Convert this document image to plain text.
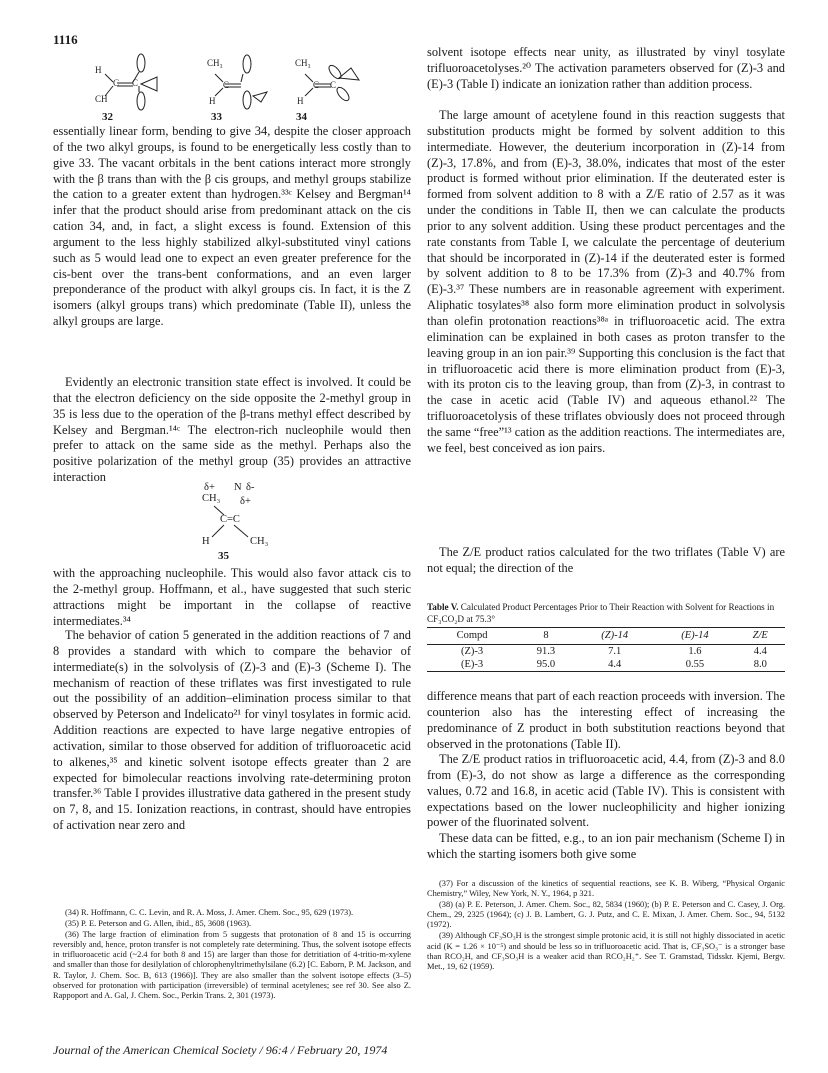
1116
H
CH
C C
CH₃
H
C
CH₃
H
C C
32	33	34

essentially linear form, bending to give 34, despite the closer approach of the two alkyl groups, is found to be energetically less costly than to give 33. The vacant orbitals in the bent cations interact more strongly with the β trans than with the β cis groups, and methyl groups stabilize the cation to a greater extent than hydrogen.³³ᶜ Kelsey and Bergman¹⁴ infer that the product should arise from predominant attack on the cis cation 34, and, in fact, a slight excess is found. Extension of this argument to the less highly stabilized alkyl-substituted vinyl cations such as 5 would lead one to expect an even greater preference for the cis-bent over the trans-bent conformations, and an even larger preponderance of the product with alkyl groups cis. In fact, it is the Z isomers (alkyl groups trans) which predominate (Table II), unless the alkyl groups are large.

Evidently an electronic transition state effect is involved. It could be that the electron deficiency on the side opposite the 2-methyl group in 35 is less due to the operation of the β-trans methyl effect described by Kelsey and Bergman.¹⁴ᶜ The electron-rich nucleophile would then prefer to attack on the same side as the methyl. Perhaps also the positive polarization of the methyl group (35) provides an attractive interaction

with the approaching nucleophile. This would also favor attack cis to the 2-methyl group. Hoffmann, et al., have suggested that such steric attractions might be important in the collapse of reactive intermediates.³⁴

The behavior of cation 5 generated in the addition reactions of 7 and 8 provides a standard with which to compare the behavior of intermediate(s) in the solvolysis of (Z)-3 and (E)-3 (Scheme I). The mechanism of reaction of these triflates was first investigated to rule out the possibility of an addition–elimination process similar to that observed by Peterson and Indelicato²¹ for vinyl tosylates in formic acid. Addition reactions are expected to have large negative entropies of activation, similar to those observed for addition of trifluoroacetic acid to alkenes,³⁵ and kinetic solvent isotope effects greater than 2 are expected for bimolecular reactions involving rate-determining proton transfer.³⁶ Table I provides illustrative data gathered in the present study on 7, 8, and 15. Ionization reactions, in contrast, should have entropies of activation near zero and

(34) R. Hoffmann, C. C. Levin, and R. A. Moss, J. Amer. Chem. Soc., 95, 629 (1973).

(35) P. E. Peterson and G. Allen, ibid., 85, 3608 (1963).

(36) The large fraction of elimination from 5 suggests that protonation of 8 and 15 is occurring reversibly and, hence, proton transfer is not completely rate determining. Thus, the solvent isotope effects in trifluoroacetic acid (~2.4 for both 8 and 15) are larger than those for detritiation of 4-tritio-m-xylene and smaller than those for desilylation of chlorophenyltrimethylsilane (6.2) [C. Eaborn, P. M. Jackson, and R. Taylor, J. Chem. Soc. B, 613 (1966)]. They are also smaller than the solvent isotope effects (3–5) observed for protonation with participation (irreversible) of terminal acetylenes; see ref 30. See also Z. Rappoport and A. Gal, J. Chem. Soc., Perkin Trans. 2, 301 (1973).

δ+ N δ-
CH₃ δ+
C=C
H	CH₃
35

solvent isotope effects near unity, as illustrated by vinyl tosylate trifluoroacetolyses.²⁰ The activation parameters observed for (Z)-3 and (E)-3 (Table I) indicate an ionization rather than addition process.

The large amount of acetylene found in this reaction suggests that substitution products might be formed by solvent addition to this intermediate. However, the deuterium incorporation in (Z)-14 from (Z)-3, 17.8%, and from (E)-3, 38.0%, indicates that most of the ester product is formed without prior elimination. If the deuterated ester is formed from solvent addition to 8 with a Z/E ratio of 2.57 as it was under the conditions in Table II, then we can calculate the products prior to any solvent addition. Using these product percentages and the rate constants from Table I, we calculate the percentage of deuterium that should be incorporated in (Z)-14 if the deuterated ester is formed by solvent addition to 8 to be 17.3% from (Z)-3 and 40.7% from (E)-3.³⁷ These numbers are in reasonable agreement with experiment. Aliphatic tosylates³⁸ also form more elimination product in solvolysis than olefin protonation reactions³⁸ᵃ in trifluoroacetic acid. The extra elimination can be explained in both cases as proton transfer to the leaving group in an ion pair.³⁹ Supporting this conclusion is the fact that in trifluoroacetic acid there is more elimination product from (E)-3, with its proton cis to the leaving group, than from (Z)-3, in contrast to the case in acetic acid (Table IV) and aqueous ethanol.²² The trifluoroacetolysis of these triflates obviously does not proceed through the same “free”¹³ cation as the addition reactions. The intermediates are, we feel, best conceived as ion pairs.

The Z/E product ratios calculated for the two triflates (Table V) are not equal; the direction of the

difference means that part of each reaction proceeds with inversion. The counterion also has the interesting effect of increasing the predominance of Z product in both substitution reactions beyond that observed in the protonations (Table II).

The Z/E product ratios in trifluoroacetic acid, 4.4, from (Z)-3 and 8.0 from (E)-3, do not show as large a difference as the corresponding values, 0.72 and 16.8, in acetic acid (Table IV). This is consistent with expectations based on the lower nucleophilicity and higher ionizing power of the fluorinated solvent.

These data can be fitted, e.g., to an ion pair mechanism (Scheme I) in which the starting isomers both give some

(37) For a discussion of the kinetics of sequential reactions, see K. B. Wiberg, “Physical Organic Chemistry,” Wiley, New York, N. Y., 1964, p 321.

(38) (a) P. E. Peterson, J. Amer. Chem. Soc., 82, 5834 (1960); (b) P. E. Peterson and C. Casey, J. Org. Chem., 29, 2325 (1964); (c) J. B. Lambert, G. J. Putz, and C. E. Mixan, J. Amer. Chem. Soc., 94, 5132 (1972).

(39) Although CF₃SO₃H is the strongest simple protonic acid, it is still not highly dissociated in acetic acid (K = 1.26 × 10⁻⁵) and should be less so in trifluoroacetic acid. That is, CF₃SO₃⁻ is a stronger base than RCO₂H, and CF₃SO₃H is a weaker acid than RCO₂H₂⁺. See T. Gramstad, Tidsskr. Kjemi, Bergv. Met., 19, 62 (1959).

Table V. Calculated Product Percentages Prior to Their Reaction with Solvent for Reactions in CF₃CO₂D at 75.3°
Compd	8	(Z)-14	(E)-14	Z/E
(Z)-3	91.3	7.1	1.6	4.4
(E)-3	95.0	4.4	0.55	8.0
Journal of the American Chemical Society / 96:4 / February 20, 1974
